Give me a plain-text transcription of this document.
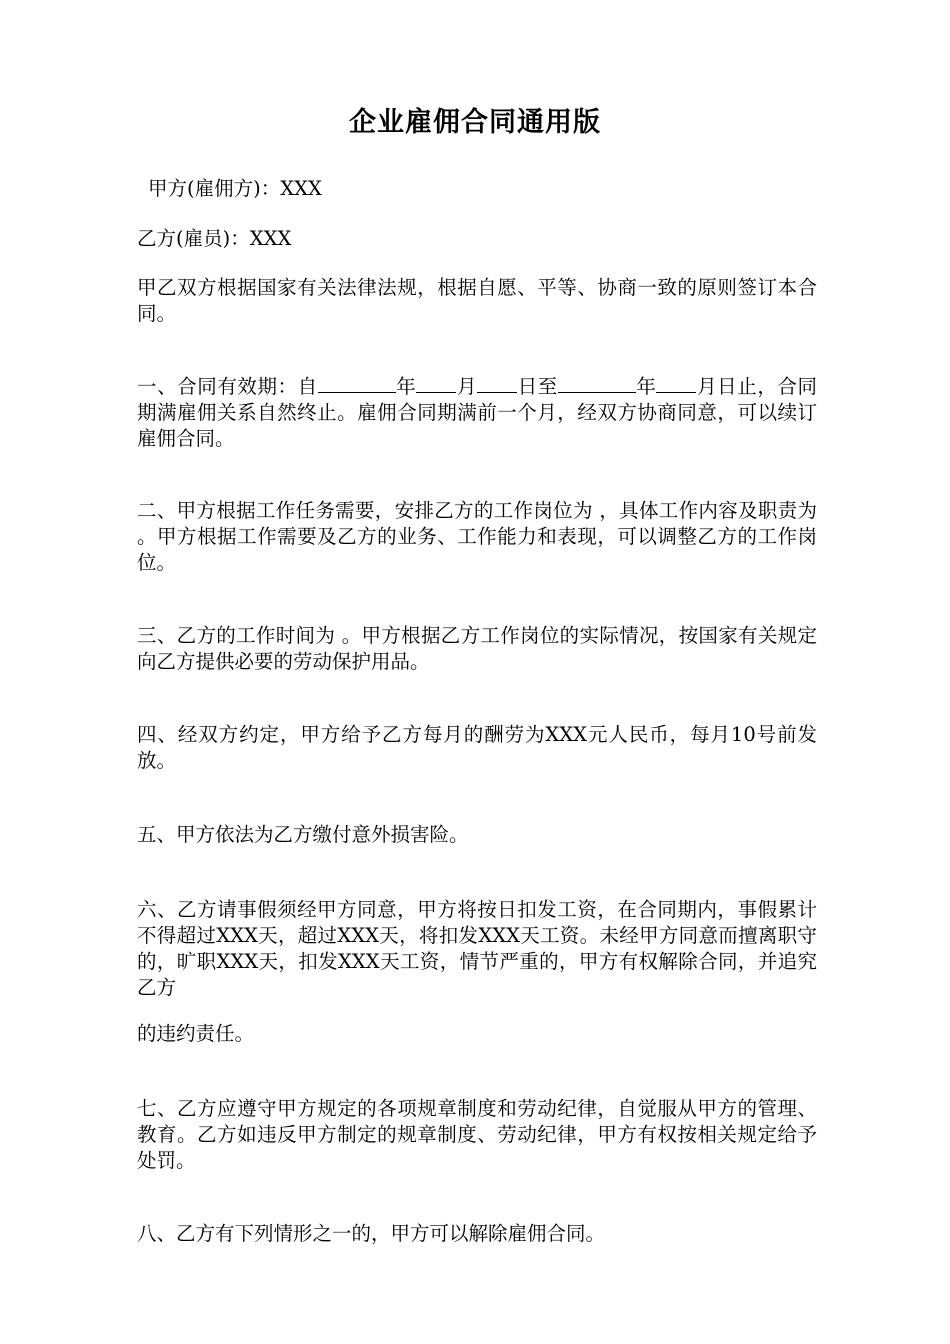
企业雇佣合同通用版
甲方(雇佣方)：XXX
乙方(雇员)：XXX
甲乙双方根据国家有关法律法规，根据自愿、平等、协商一致的原则签订本合同。
一、合同有效期：自	年 月 日至	年 月日止，合同期满雇佣关系自然终止。雇佣合同期满前一个月，经双方协商同意，可以续订雇佣合同。
二、甲方根据工作任务需要，安排乙方的工作岗位为 ，具体工作内容及职责为 。甲方根据工作需要及乙方的业务、工作能力和表现，可以调整乙方的工作岗位。
三、乙方的工作时间为 。甲方根据乙方工作岗位的实际情况，按国家有关规定向乙方提供必要的劳动保护用品。
四、经双方约定，甲方给予乙方每月的酬劳为XXX元人民币，每月10号前发放。
五、甲方依法为乙方缴付意外损害险。
六、乙方请事假须经甲方同意，甲方将按日扣发工资，在合同期内，事假累计不得超过XXX天，超过XXX天，将扣发XXX天工资。未经甲方同意而擅离职守的，旷职XXX天，扣发XXX天工资，情节严重的，甲方有权解除合同，并追究乙方
的违约责任。
七、乙方应遵守甲方规定的各项规章制度和劳动纪律，自觉服从甲方的管理、教育。乙方如违反甲方制定的规章制度、劳动纪律，甲方有权按相关规定给予处罚。
八、乙方有下列情形之一的，甲方可以解除雇佣合同。
